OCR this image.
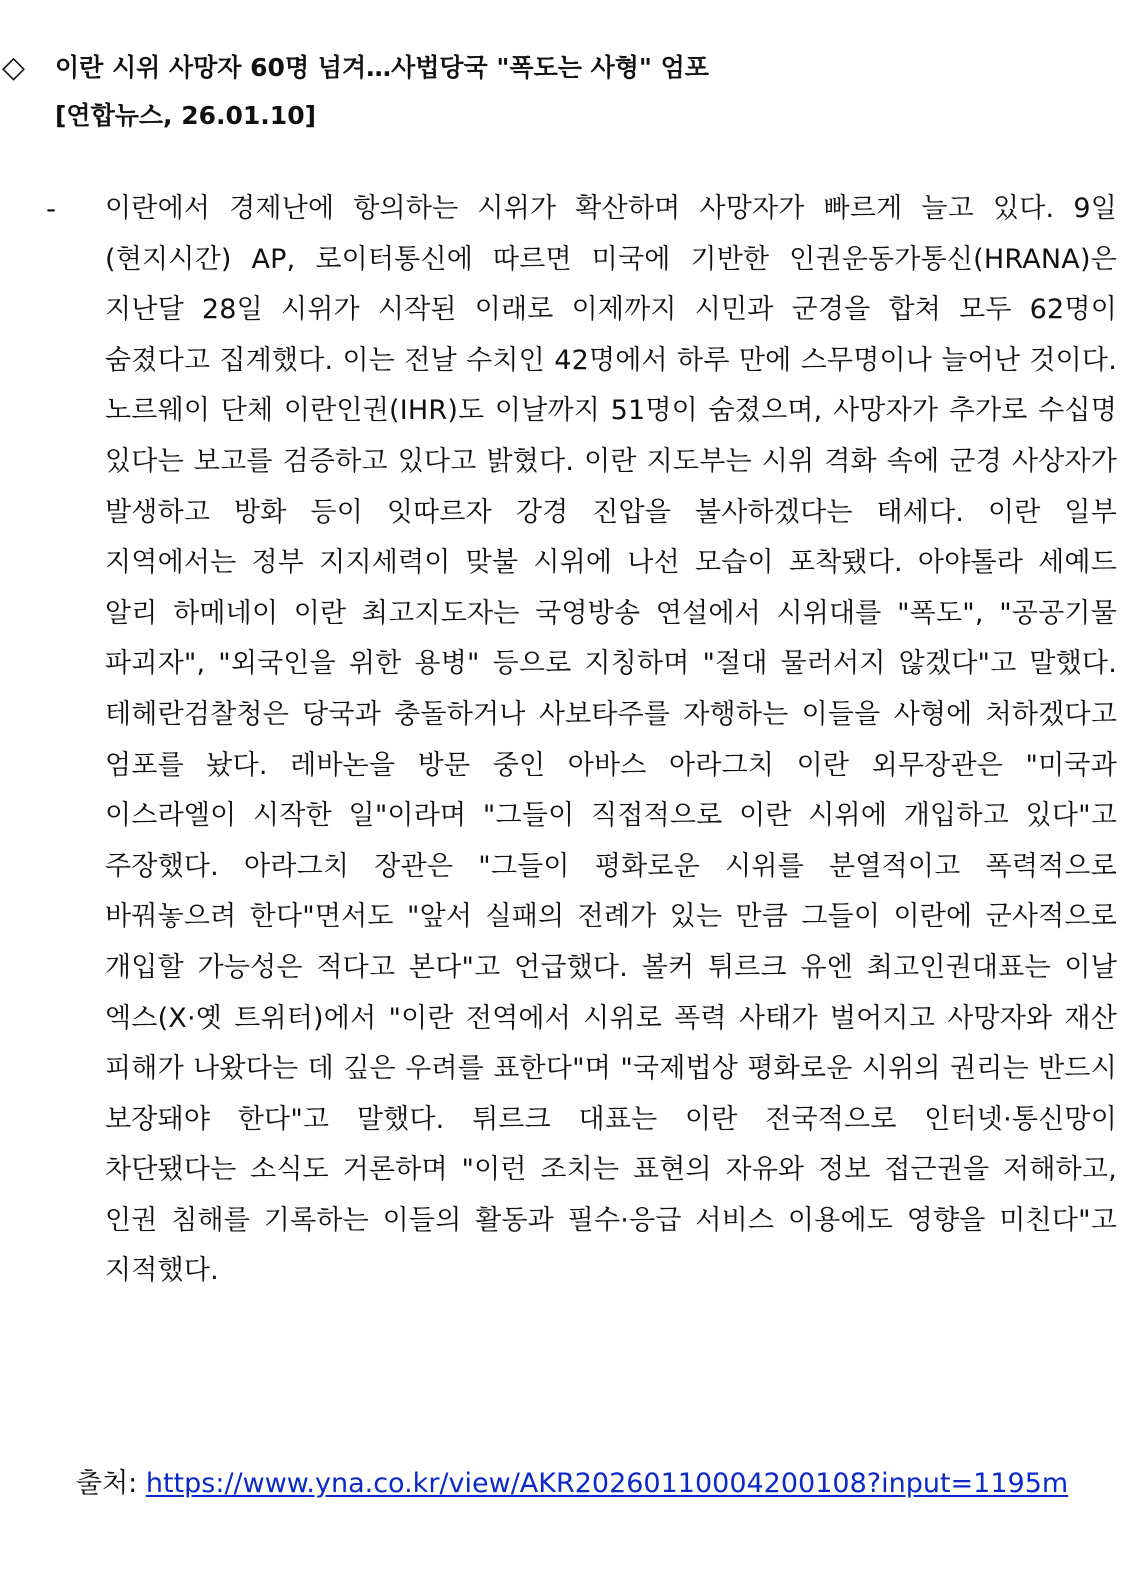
◇ 이란 시위 사망자 60명 넘겨…사법당국 "폭도는 사형" 엄포
[연합뉴스, 26.01.10]
- 이란에서 경제난에 항의하는 시위가 확산하며 사망자가 빠르게 늘고 있다. 9일(현지시간) AP, 로이터통신에 따르면 미국에 기반한 인권운동가통신(HRANA)은 지난달 28일 시위가 시작된 이래로 이제까지 시민과 군경을 합쳐 모두 62명이 숨졌다고 집계했다. 이는 전날 수치인 42명에서 하루 만에 스무명이나 늘어난 것이다. 노르웨이 단체 이란인권(IHR)도 이날까지 51명이 숨졌으며, 사망자가 추가로 수십명 있다는 보고를 검증하고 있다고 밝혔다. 이란 지도부는 시위 격화 속에 군경 사상자가 발생하고 방화 등이 잇따르자 강경 진압을 불사하겠다는 태세다. 이란 일부 지역에서는 정부 지지세력이 맞불 시위에 나선 모습이 포착됐다. 아야톨라 세예드 알리 하메네이 이란 최고지도자는 국영방송 연설에서 시위대를 "폭도", "공공기물 파괴자", "외국인을 위한 용병" 등으로 지칭하며 "절대 물러서지 않겠다"고 말했다. 테헤란검찰청은 당국과 충돌하거나 사보타주를 자행하는 이들을 사형에 처하겠다고 엄포를 놨다. 레바논을 방문 중인 아바스 아라그치 이란 외무장관은 "미국과 이스라엘이 시작한 일"이라며 "그들이 직접적으로 이란 시위에 개입하고 있다"고 주장했다. 아라그치 장관은 "그들이 평화로운 시위를 분열적이고 폭력적으로 바꿔놓으려 한다"면서도 "앞서 실패의 전례가 있는 만큼 그들이 이란에 군사적으로 개입할 가능성은 적다고 본다"고 언급했다. 볼커 튀르크 유엔 최고인권대표는 이날 엑스(X·옛 트위터)에서 "이란 전역에서 시위로 폭력 사태가 벌어지고 사망자와 재산 피해가 나왔다는 데 깊은 우려를 표한다"며 "국제법상 평화로운 시위의 권리는 반드시 보장돼야 한다"고 말했다. 튀르크 대표는 이란 전국적으로 인터넷·통신망이 차단됐다는 소식도 거론하며 "이런 조치는 표현의 자유와 정보 접근권을 저해하고, 인권 침해를 기록하는 이들의 활동과 필수·응급 서비스 이용에도 영향을 미친다"고 지적했다.

출처: https://www.yna.co.kr/view/AKR20260110004200108?input=1195m
